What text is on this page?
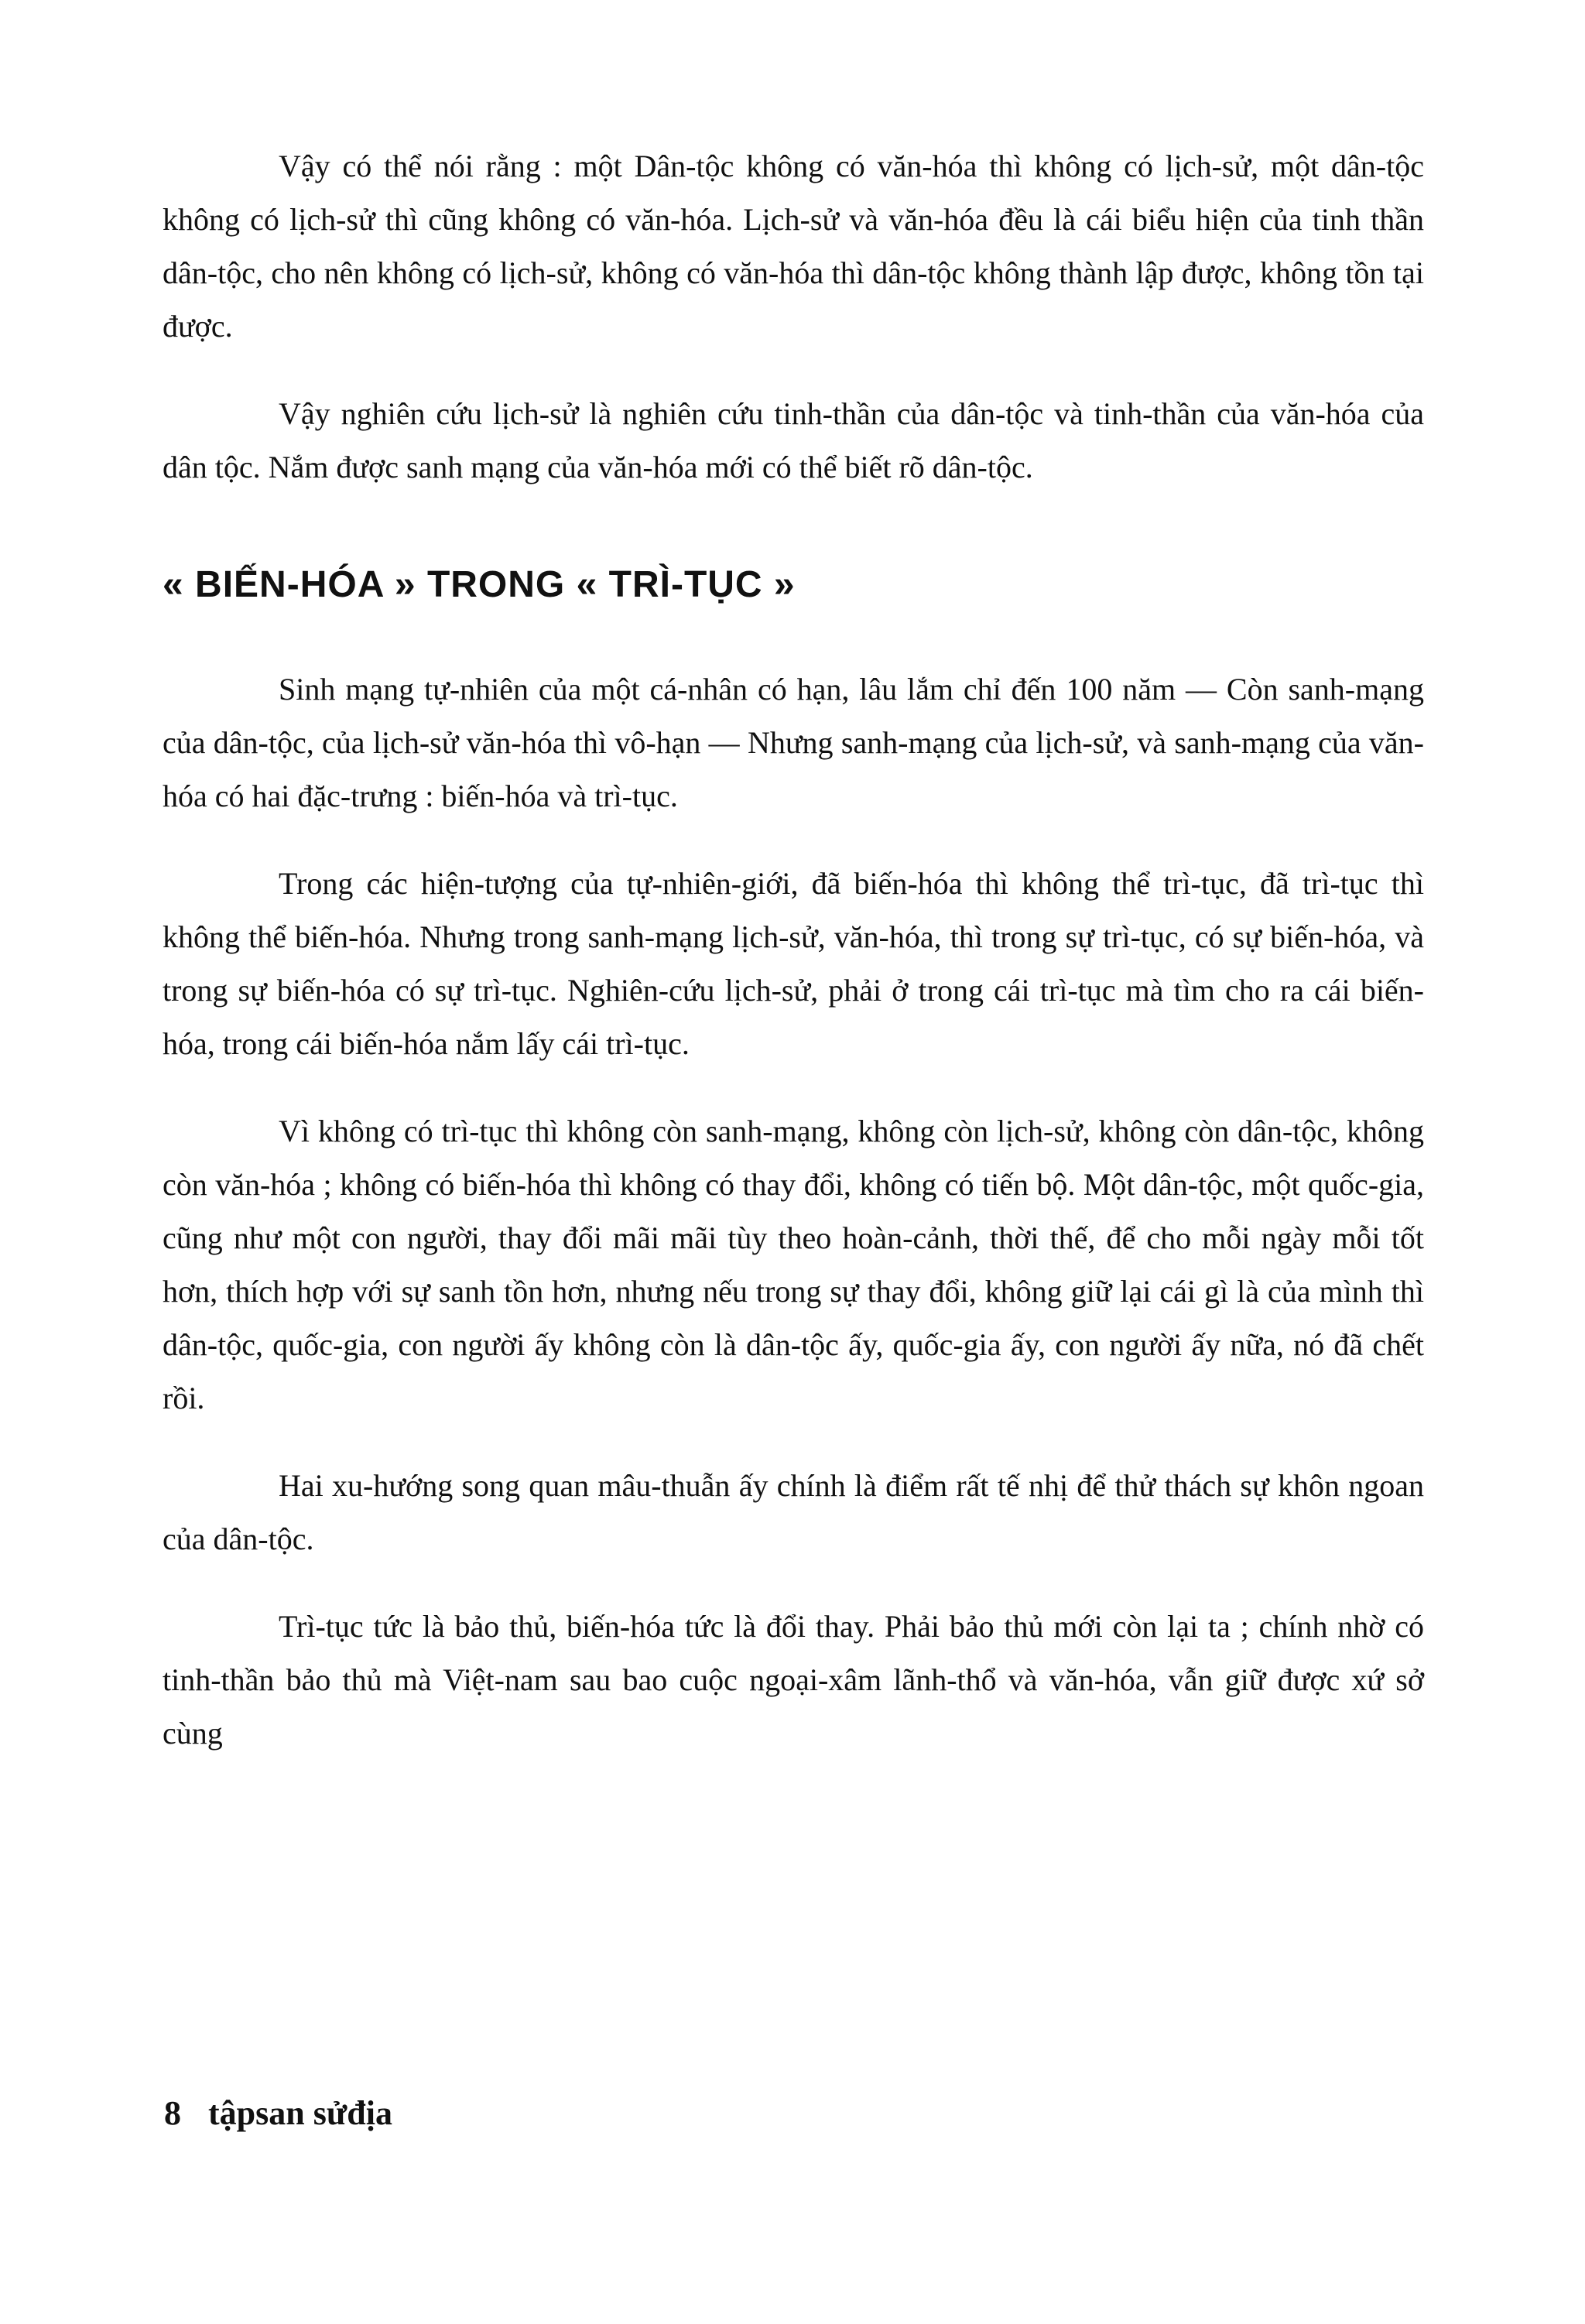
Vậy có thể nói rằng : một Dân-tộc không có văn-hóa thì không có lịch-sử, một dân-tộc không có lịch-sử thì cũng không có văn-hóa. Lịch-sử và văn-hóa đều là cái biểu hiện của tinh thần dân-tộc, cho nên không có lịch-sử, không có văn-hóa thì dân-tộc không thành lập được, không tồn tại được.

Vậy nghiên cứu lịch-sử là nghiên cứu tinh-thần của dân-tộc và tinh-thần của văn-hóa của dân tộc. Nắm được sanh mạng của văn-hóa mới có thể biết rõ dân-tộc.

« BIẾN-HÓA » TRONG « TRÌ-TỤC »

Sinh mạng tự-nhiên của một cá-nhân có hạn, lâu lắm chỉ đến 100 năm — Còn sanh-mạng của dân-tộc, của lịch-sử văn-hóa thì vô-hạn — Nhưng sanh-mạng của lịch-sử, và sanh-mạng của văn-hóa có hai đặc-trưng : biến-hóa và trì-tục.

Trong các hiện-tượng của tự-nhiên-giới, đã biến-hóa thì không thể trì-tục, đã trì-tục thì không thể biến-hóa. Nhưng trong sanh-mạng lịch-sử, văn-hóa, thì trong sự trì-tục, có sự biến-hóa, và trong sự biến-hóa có sự trì-tục. Nghiên-cứu lịch-sử, phải ở trong cái trì-tục mà tìm cho ra cái biến-hóa, trong cái biến-hóa nắm lấy cái trì-tục.

Vì không có trì-tục thì không còn sanh-mạng, không còn lịch-sử, không còn dân-tộc, không còn văn-hóa ; không có biến-hóa thì không có thay đổi, không có tiến bộ. Một dân-tộc, một quốc-gia, cũng như một con người, thay đổi mãi mãi tùy theo hoàn-cảnh, thời thế, để cho mỗi ngày mỗi tốt hơn, thích hợp với sự sanh tồn hơn, nhưng nếu trong sự thay đổi, không giữ lại cái gì là của mình thì dân-tộc, quốc-gia, con người ấy không còn là dân-tộc ấy, quốc-gia ấy, con người ấy nữa, nó đã chết rồi.

Hai xu-hướng song quan mâu-thuẫn ấy chính là điểm rất tế nhị để thử thách sự khôn ngoan của dân-tộc.

Trì-tục tức là bảo thủ, biến-hóa tức là đổi thay. Phải bảo thủ mới còn lại ta ; chính nhờ có tinh-thần bảo thủ mà Việt-nam sau bao cuộc ngoại-xâm lãnh-thổ và văn-hóa, vẫn giữ được xứ sở cùng

8 tậpsan sửđịa
